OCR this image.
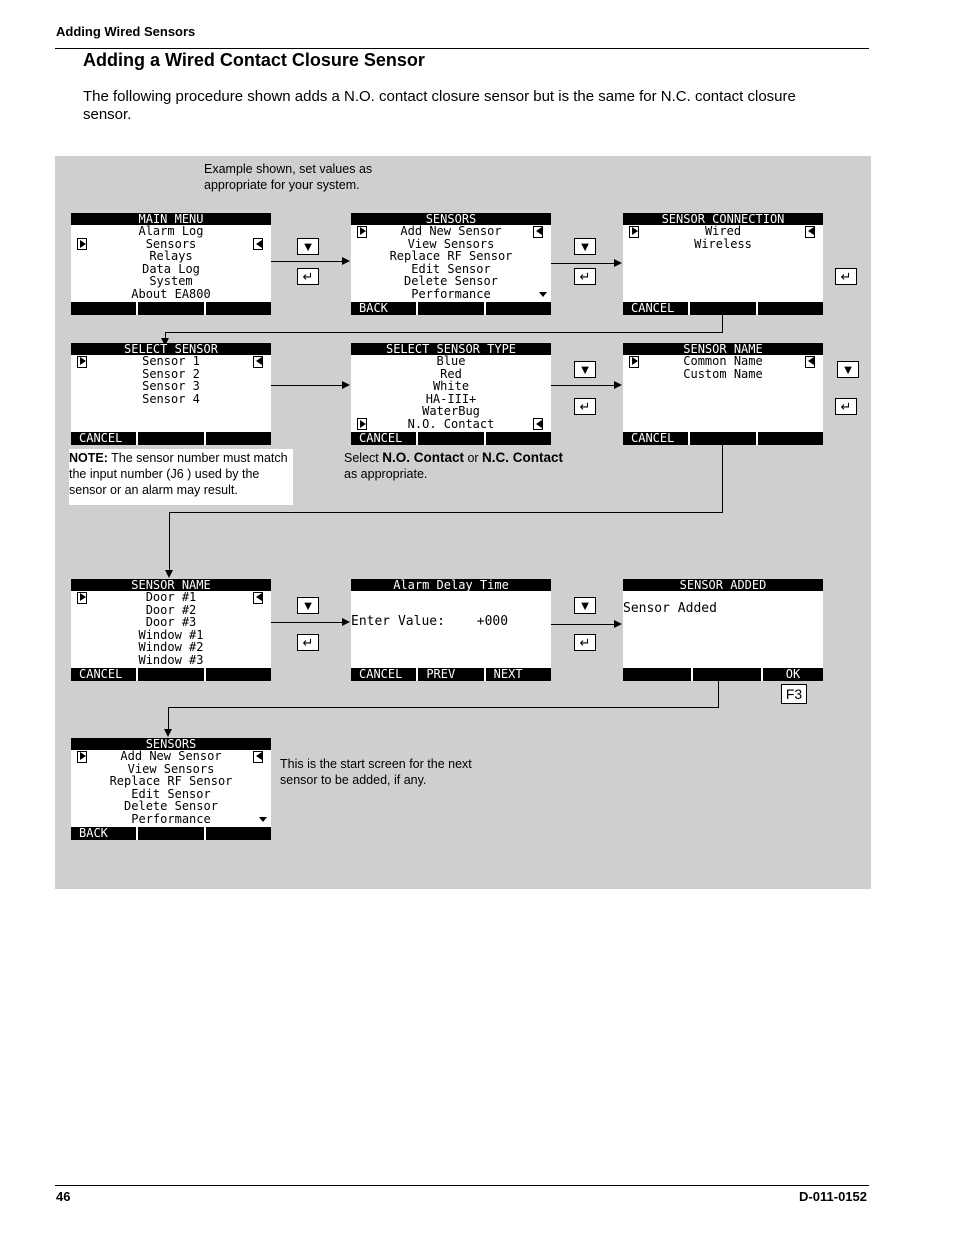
Adding Wired Sensors
Adding a Wired Contact Closure Sensor
The following procedure shown adds a N.O. contact closure sensor but is the same for N.C. contact closure sensor.
Example shown, set values as appropriate for your system.
MAIN MENU
Alarm Log
Sensors
Relays
Data Log
System
About EA800
▼
↵
SENSORS
Add New Sensor
View Sensors
Replace RF Sensor
Edit Sensor
Delete Sensor
Performance
BACK
▼
↵
SENSOR CONNECTION
Wired
Wireless
CANCEL
↵
SELECT SENSOR
Sensor 1
Sensor 2
Sensor 3
Sensor 4
CANCEL
NOTE: The sensor number must match the input number (J6 ) used by the sensor or an alarm may result.
SELECT SENSOR TYPE
Blue
Red
White
HA-III+
WaterBug
N.O. Contact
CANCEL
Select N.O. Contact or N.C. Contact
as appropriate.
▼
↵
SENSOR NAME
Common Name
Custom Name
CANCEL
▼
↵
SENSOR NAME
Door #1
Door #2
Door #3
Window #1
Window #2
Window #3
CANCEL
▼
↵
Alarm Delay Time
Enter Value: +000
CANCEL	PREV	NEXT
▼
↵
SENSOR ADDED
Sensor Added
OK
F3
SENSORS
Add New Sensor
View Sensors
Replace RF Sensor
Edit Sensor
Delete Sensor
Performance
BACK
This is the start screen for the next sensor to be added, if any.
46	D-011-0152
